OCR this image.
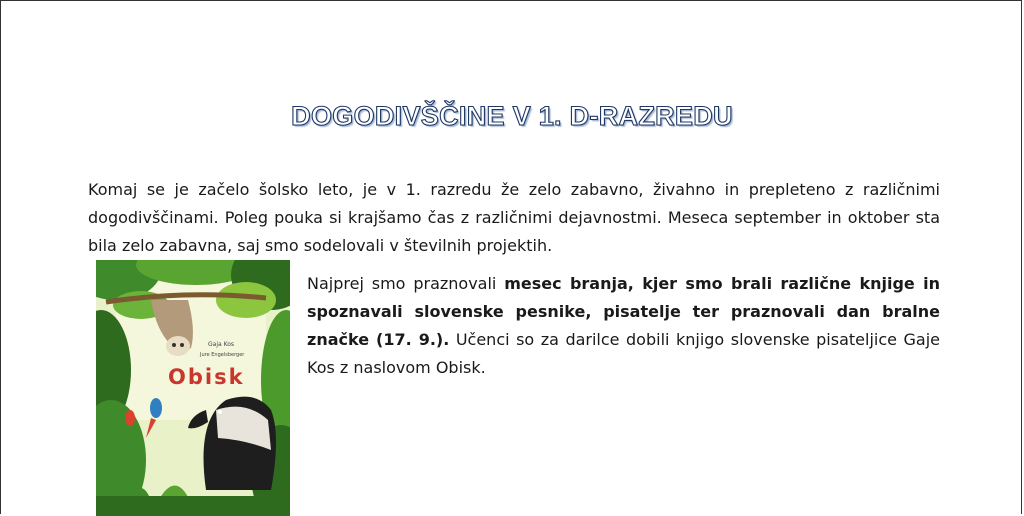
DOGODIVŠČINE V 1. D-RAZREDU

Komaj se je začelo šolsko leto, je v 1. razredu že zelo zabavno, živahno in prepleteno z različnimi dogodivščinami. Poleg pouka si krajšamo čas z različnimi dejavnostmi. Meseca september in oktober sta bila zelo zabavna, saj smo sodelovali v številnih projektih.

Gaja Kos
Jure Engelsberger
Obisk

Najprej smo praznovali mesec branja, kjer smo brali različne knjige in spoznavali slovenske pesnike, pisatelje ter praznovali dan bralne značke (17. 9.). Učenci so za darilce dobili knjigo slovenske pisateljice Gaje Kos z naslovom Obisk.
